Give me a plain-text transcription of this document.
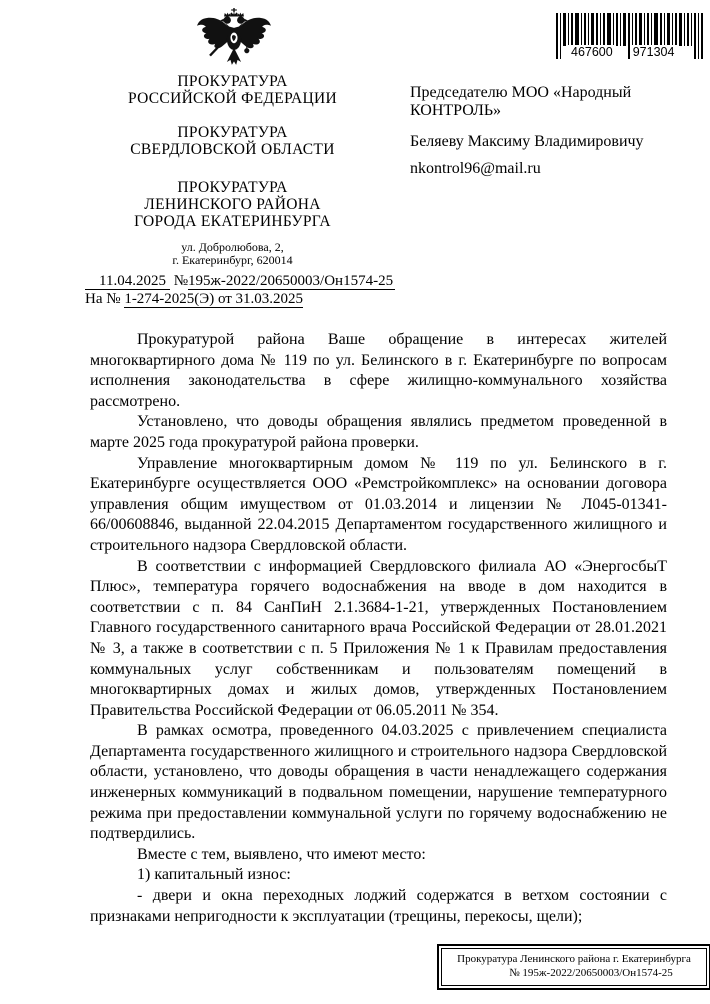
467600 971304
ПРОКУРАТУРА
РОССИЙСКОЙ ФЕДЕРАЦИИ
ПРОКУРАТУРА
СВЕРДЛОВСКОЙ ОБЛАСТИ
ПРОКУРАТУРА
ЛЕНИНСКОГО РАЙОНА
ГОРОДА ЕКАТЕРИНБУРГА
ул. Добролюбова, 2,
г. Екатеринбург, 620014
11.04.2025 №195ж-2022/20650003/Он1574-25
На № 1-274-2025(Э) от 31.03.2025
Председателю МОО «Народный
КОНТРОЛЬ»
Беляеву Максиму Владимировичу
nkontrol96@mail.ru

Прокуратурой района Ваше обращение в интересах жителей многоквартирного дома № 119 по ул. Белинского в г. Екатеринбурге по вопросам исполнения законодательства в сфере жилищно-коммунального хозяйства рассмотрено.

Установлено, что доводы обращения являлись предметом проведенной в марте 2025 года прокуратурой района проверки.

Управление многоквартирным домом № 119 по ул. Белинского в г. Екатеринбурге осуществляется ООО «Ремстройкомплекс» на основании договора управления общим имуществом от 01.03.2014 и лицензии № Л045-01341-66/00608846, выданной 22.04.2015 Департаментом государственного жилищного и строительного надзора Свердловской области.

В соответствии с информацией Свердловского филиала АО «ЭнергосбыТ Плюс», температура горячего водоснабжения на вводе в дом находится в соответствии с п. 84 СанПиН 2.1.3684-1-21, утвержденных Постановлением Главного государственного санитарного врача Российской Федерации от 28.01.2021 № 3, а также в соответствии с п. 5 Приложения № 1 к Правилам предоставления коммунальных услуг собственникам и пользователям помещений в многоквартирных домах и жилых домов, утвержденных Постановлением Правительства Российской Федерации от 06.05.2011 № 354.

В рамках осмотра, проведенного 04.03.2025 с привлечением специалиста Департамента государственного жилищного и строительного надзора Свердловской области, установлено, что доводы обращения в части ненадлежащего содержания инженерных коммуникаций в подвальном помещении, нарушение температурного режима при предоставлении коммунальной услуги по горячему водоснабжению не подтвердились.

Вместе с тем, выявлено, что имеют место:

1) капитальный износ:

- двери и окна переходных лоджий содержатся в ветхом состоянии с признаками непригодности к эксплуатации (трещины, перекосы, щели);

Прокуратура Ленинского района г. Екатеринбурга
№ 195ж-2022/20650003/Он1574-25
